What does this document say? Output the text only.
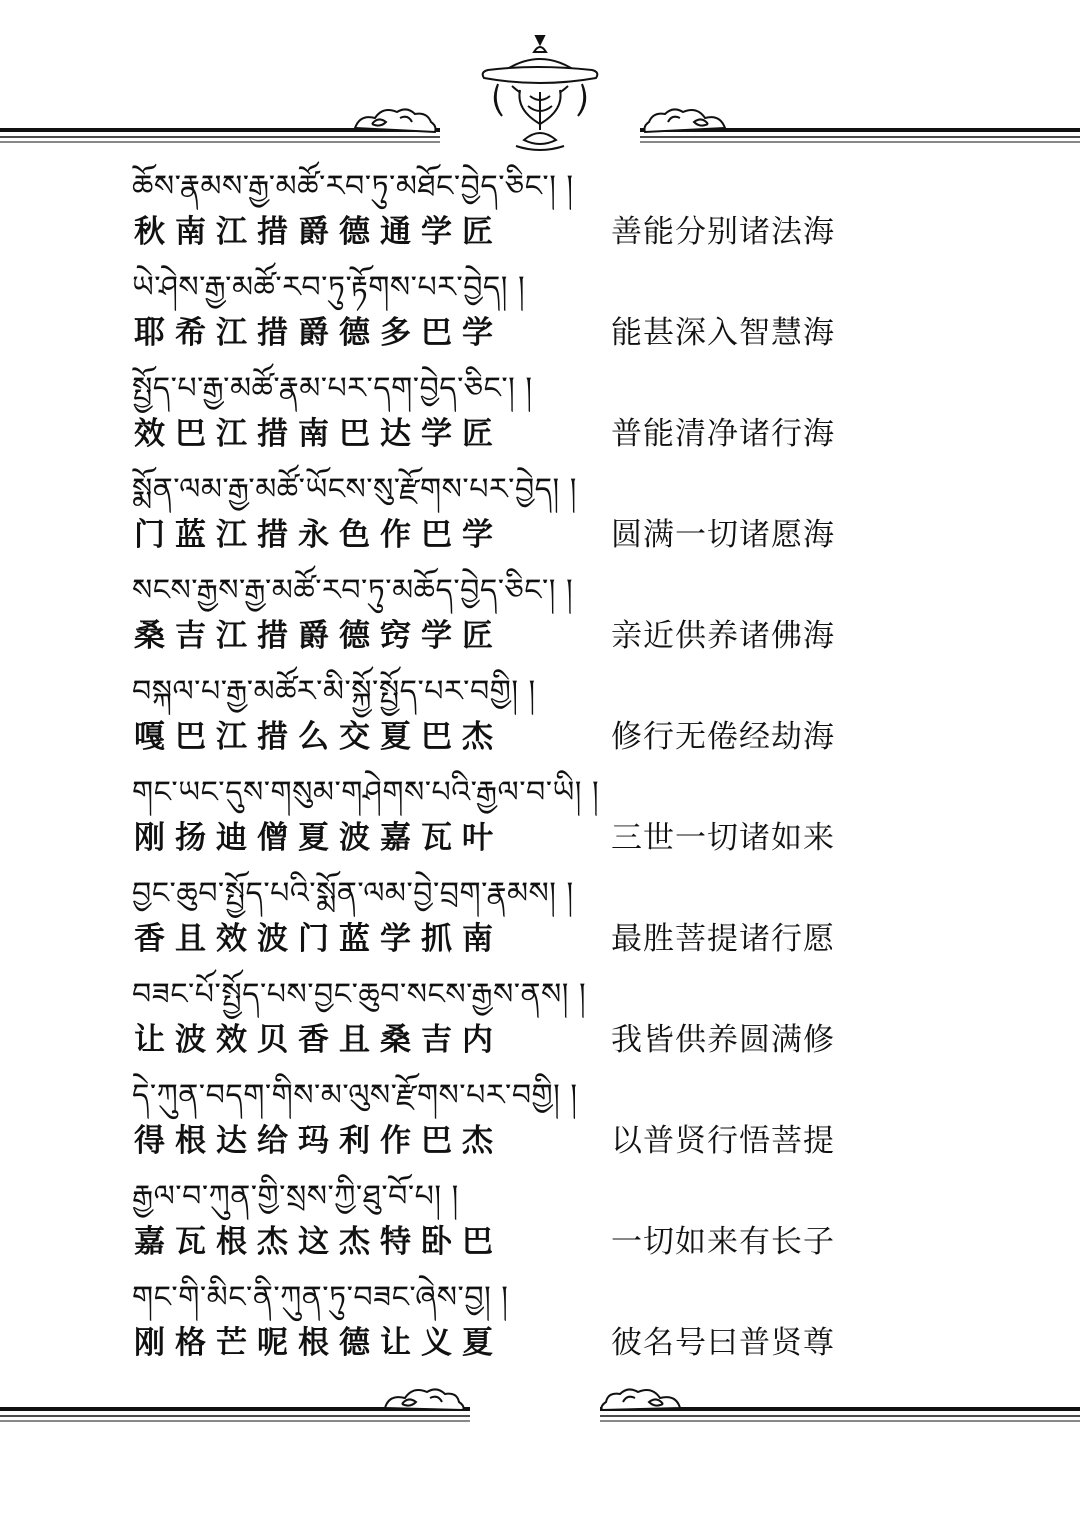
ཆོས་རྣམས་རྒྱ་མཚོ་རབ་ཏུ་མཐོང་བྱེད་ཅིང༌། །
秋南江措爵德通学匠	善能分别诸法海
ཡེ་ཤེས་རྒྱ་མཚོ་རབ་ཏུ་རྟོགས་པར་བྱེད། །
耶希江措爵德多巴学	能甚深入智慧海
སྤྱོད་པ་རྒྱ་མཚོ་རྣམ་པར་དག་བྱེད་ཅིང༌། །
效巴江措南巴达学匠	普能清净诸行海
སྨོན་ལམ་རྒྱ་མཚོ་ཡོངས་སུ་རྫོགས་པར་བྱེད། །
门蓝江措永色作巴学	圆满一切诸愿海
སངས་རྒྱས་རྒྱ་མཚོ་རབ་ཏུ་མཆོད་བྱེད་ཅིང༌། །
桑吉江措爵德窍学匠	亲近供养诸佛海
བསྐལ་པ་རྒྱ་མཚོར་མི་སྐྱོ་སྤྱོད་པར་བགྱི། །
嘎巴江措么交夏巴杰	修行无倦经劫海
གང་ཡང་དུས་གསུམ་གཤེགས་པའི་རྒྱལ་བ་ཡི། །
刚扬迪僧夏波嘉瓦叶	三世一切诸如来
བྱང་ཆུབ་སྤྱོད་པའི་སྨོན་ལམ་བྱེ་བྲག་རྣམས། །
香且效波门蓝学抓南	最胜菩提诸行愿
བཟང་པོ་སྤྱོད་པས་བྱང་ཆུབ་སངས་རྒྱས་ནས། །
让波效贝香且桑吉内	我皆供养圆满修
དེ་ཀུན་བདག་གིས་མ་ལུས་རྫོགས་པར་བགྱི། །
得根达给玛利作巴杰	以普贤行悟菩提
རྒྱལ་བ་ཀུན་གྱི་སྲས་ཀྱི་ཐུ་བོ་པ། །
嘉瓦根杰这杰特卧巴	一切如来有长子
གང་གི་མིང་ནི་ཀུན་ཏུ་བཟང་ཞེས་བྱ། །
刚格芒呢根德让义夏	彼名号曰普贤尊
